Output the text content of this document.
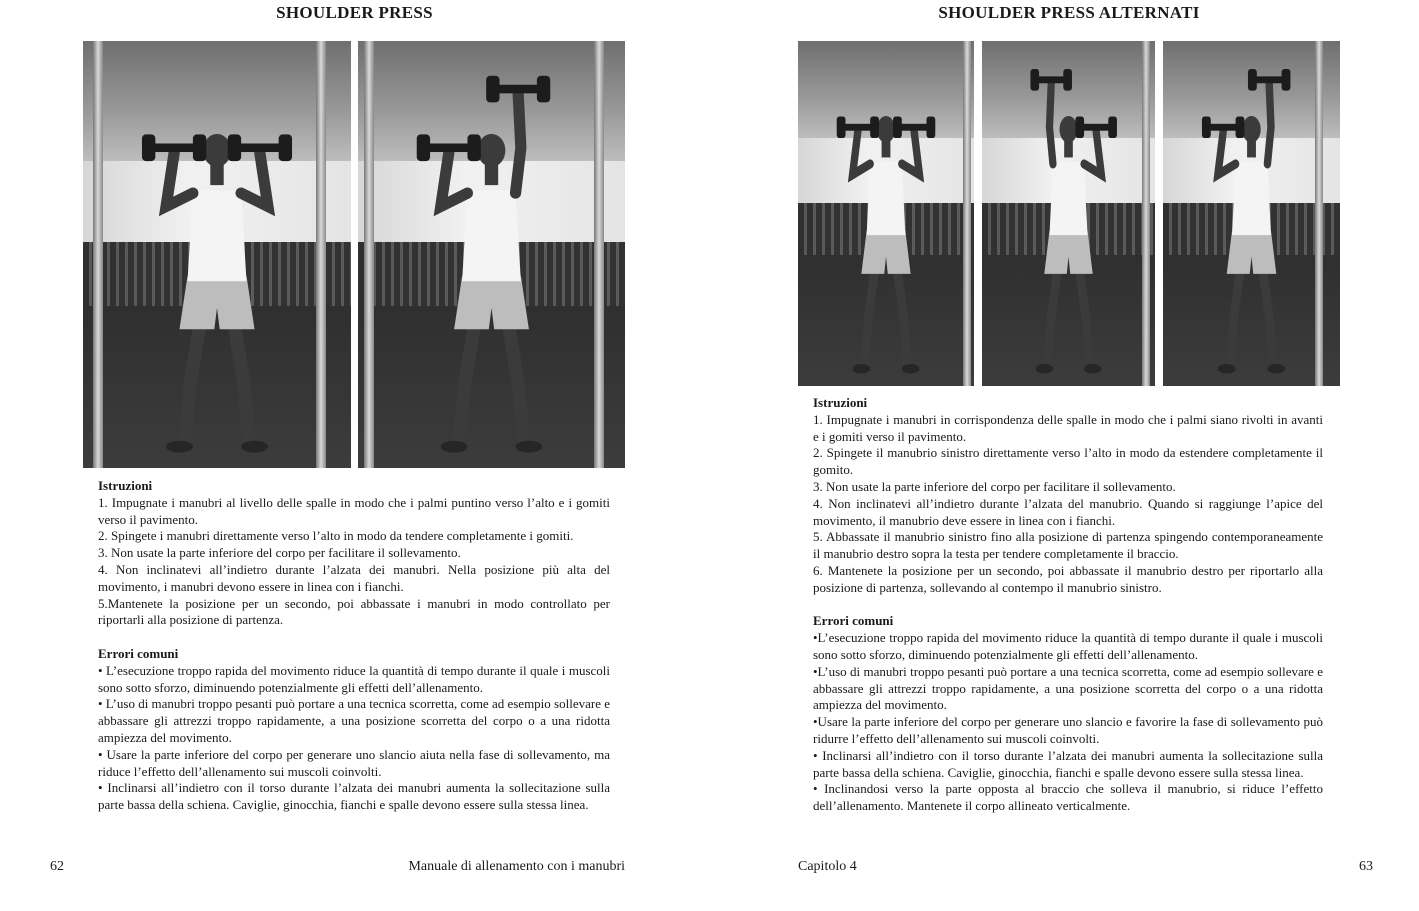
SHOULDER PRESS
Istruzioni

1. Impugnate i manubri al livello delle spalle in modo che i palmi puntino verso l’alto e i gomiti verso il pavimento.

2. Spingete i manubri direttamente verso l’alto in modo da tendere completamente i gomiti.

3. Non usate la parte inferiore del corpo per facilitare il sollevamento.

4. Non inclinatevi all’indietro durante l’alzata dei manubri. Nella posizione più alta del movimento, i manubri devono essere in linea con i fianchi.

5.Mantenete la posizione per un secondo, poi abbassate i manubri in modo controllato per riportarli alla posizione di partenza.

Errori comuni

• L’esecuzione troppo rapida del movimento riduce la quantità di tempo durante il quale i muscoli sono sotto sforzo, diminuendo potenzialmente gli effetti dell’allenamento.

• L’uso di manubri troppo pesanti può portare a una tecnica scorretta, come ad esempio sollevare e abbassare gli attrezzi troppo rapidamente, a una posizione scorretta del corpo o a una ridotta ampiezza del movimento.

• Usare la parte inferiore del corpo per generare uno slancio aiuta nella fase di sollevamento, ma riduce l’effetto dell’allenamento sui muscoli coinvolti.

• Inclinarsi all’indietro con il torso durante l’alzata dei manubri aumenta la sollecitazione sulla parte bassa della schiena. Caviglie, ginocchia, fianchi e spalle devono essere sulla stessa linea.

62	Manuale di allenamento con i manubri
SHOULDER PRESS ALTERNATI
Istruzioni

1. Impugnate i manubri in corrispondenza delle spalle in modo che i palmi siano rivolti in avanti e i gomiti verso il pavimento.

2. Spingete il manubrio sinistro direttamente verso l’alto in modo da estendere completamente il gomito.

3. Non usate la parte inferiore del corpo per facilitare il sollevamento.

4. Non inclinatevi all’indietro durante l’alzata del manubrio. Quando si raggiunge l’apice del movimento, il manubrio deve essere in linea con i fianchi.

5. Abbassate il manubrio sinistro fino alla posizione di partenza spingendo contemporaneamente il manubrio destro sopra la testa per tendere completamente il braccio.

6. Mantenete la posizione per un secondo, poi abbassate il manubrio destro per riportarlo alla posizione di partenza, sollevando al contempo il manubrio sinistro.

Errori comuni

•L’esecuzione troppo rapida del movimento riduce la quantità di tempo durante il quale i muscoli sono sotto sforzo, diminuendo potenzialmente gli effetti dell’allenamento.

•L’uso di manubri troppo pesanti può portare a una tecnica scorretta, come ad esempio sollevare e abbassare gli attrezzi troppo rapidamente, a una posizione scorretta del corpo o a una ridotta ampiezza del movimento.

•Usare la parte inferiore del corpo per generare uno slancio e favorire la fase di sollevamento può ridurre l’effetto dell’allenamento sui muscoli coinvolti.

• Inclinarsi all’indietro con il torso durante l’alzata dei manubri aumenta la sollecitazione sulla parte bassa della schiena. Caviglie, ginocchia, fianchi e spalle devono essere sulla stessa linea.

• Inclinandosi verso la parte opposta al braccio che solleva il manubrio, si riduce l’effetto dell’allenamento. Mantenete il corpo allineato verticalmente.

Capitolo 4	63
